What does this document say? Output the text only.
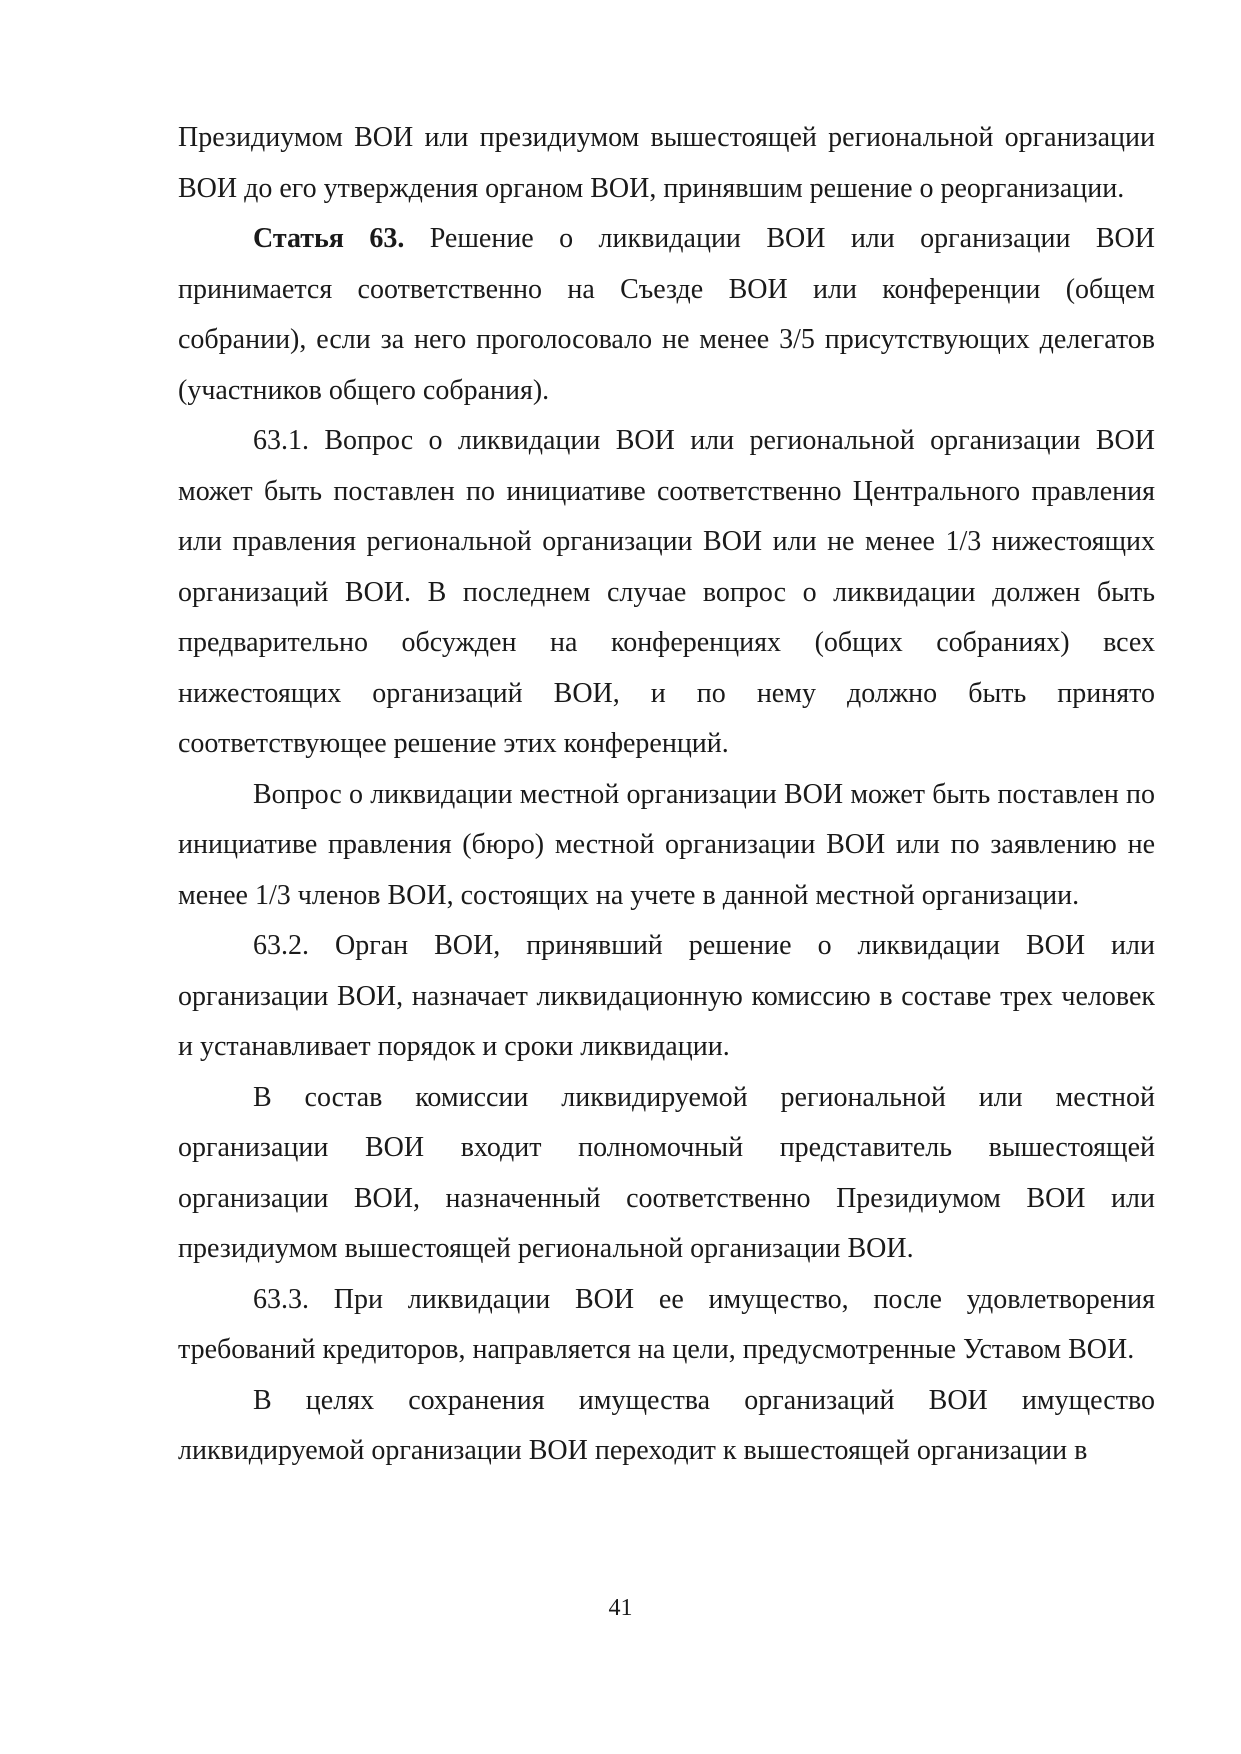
Президиумом ВОИ или президиумом вышестоящей региональной организации ВОИ до его утверждения органом ВОИ, принявшим решение о реорганизации.

Статья 63. Решение о ликвидации ВОИ или организации ВОИ принимается соответственно на Съезде ВОИ или конференции (общем собрании), если за него проголосовало не менее 3/5 присутствующих делегатов (участников общего собрания).

63.1. Вопрос о ликвидации ВОИ или региональной организации ВОИ может быть поставлен по инициативе соответственно Центрального правления или правления региональной организации ВОИ или не менее 1/3 нижестоящих организаций ВОИ. В последнем случае вопрос о ликвидации должен быть предварительно обсужден на конференциях (общих собраниях) всех нижестоящих организаций ВОИ, и по нему должно быть принято соответствующее решение этих конференций.

Вопрос о ликвидации местной организации ВОИ может быть поставлен по инициативе правления (бюро) местной организации ВОИ или по заявлению не менее 1/3 членов ВОИ, состоящих на учете в данной местной организации.

63.2. Орган ВОИ, принявший решение о ликвидации ВОИ или организации ВОИ, назначает ликвидационную комиссию в составе трех человек и устанавливает порядок и сроки ликвидации.

В состав комиссии ликвидируемой региональной или местной организации ВОИ входит полномочный представитель вышестоящей организации ВОИ, назначенный соответственно Президиумом ВОИ или президиумом вышестоящей региональной организации ВОИ.

63.3. При ликвидации ВОИ ее имущество, после удовлетворения требований кредиторов, направляется на цели, предусмотренные Уставом ВОИ.

В целях сохранения имущества организаций ВОИ имущество ликвидируемой организации ВОИ переходит к вышестоящей организации в

41
